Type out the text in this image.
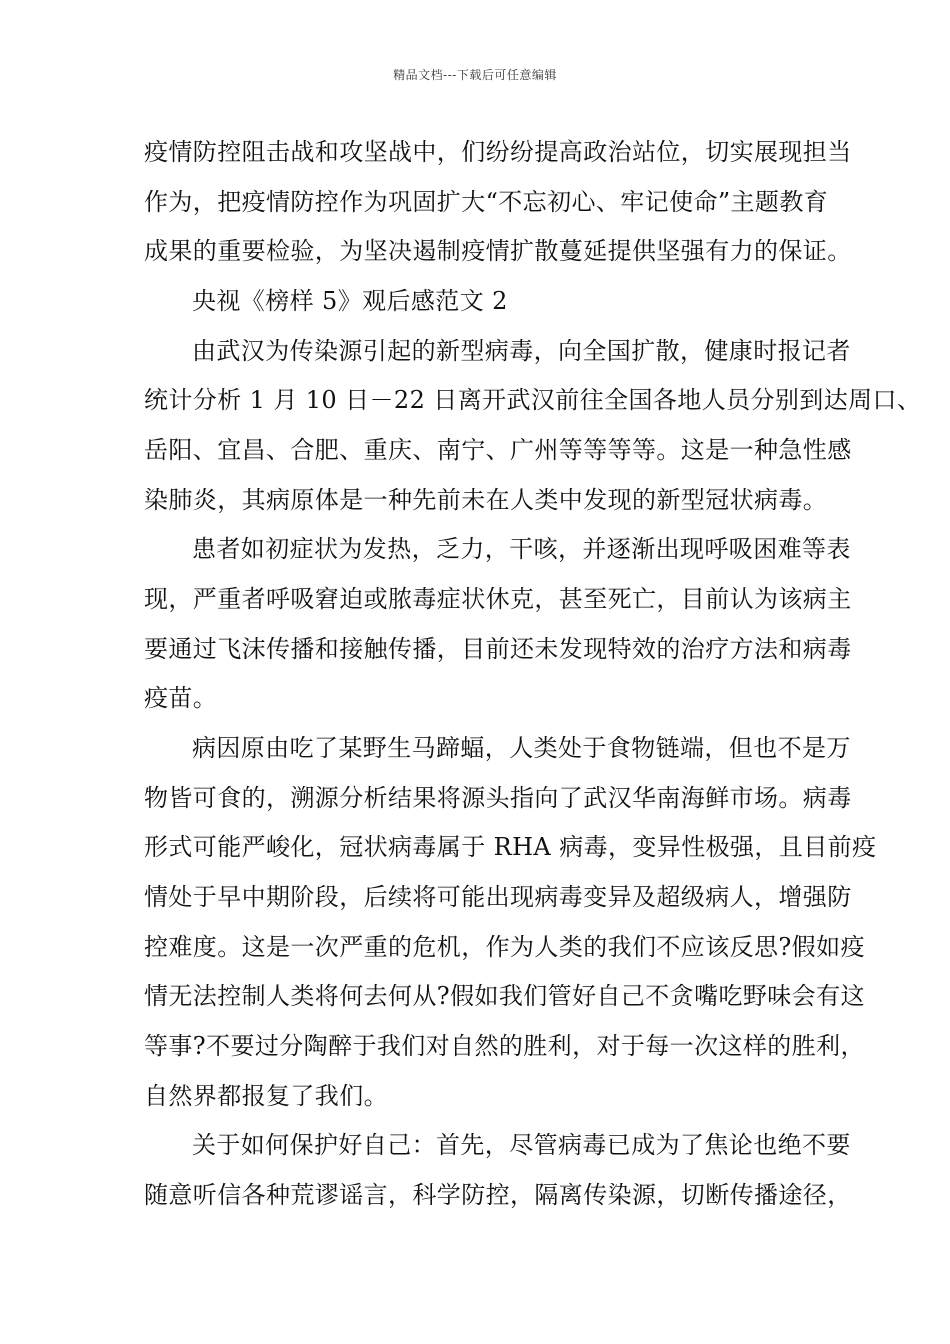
精品文档---下载后可任意编辑
疫情防控阻击战和攻坚战中，们纷纷提高政治站位，切实展现担当
作为，把疫情防控作为巩固扩大“不忘初心、牢记使命”主题教育
成果的重要检验，为坚决遏制疫情扩散蔓延提供坚强有力的保证。
央视《榜样 5》观后感范文 2
由武汉为传染源引起的新型病毒，向全国扩散，健康时报记者
统计分析 1 月 10 日－22 日离开武汉前往全国各地人员分别到达周口、
岳阳、宜昌、合肥、重庆、南宁、广州等等等等。这是一种急性感
染肺炎，其病原体是一种先前未在人类中发现的新型冠状病毒。
患者如初症状为发热，乏力，干咳，并逐渐出现呼吸困难等表
现，严重者呼吸窘迫或脓毒症状休克，甚至死亡，目前认为该病主
要通过飞沫传播和接触传播，目前还未发现特效的治疗方法和病毒
疫苗。
病因原由吃了某野生马蹄蝠，人类处于食物链端，但也不是万
物皆可食的，溯源分析结果将源头指向了武汉华南海鲜市场。病毒
形式可能严峻化，冠状病毒属于 RHA 病毒，变异性极强，且目前疫
情处于早中期阶段，后续将可能出现病毒变异及超级病人，增强防
控难度。这是一次严重的危机，作为人类的我们不应该反思?假如疫
情无法控制人类将何去何从?假如我们管好自己不贪嘴吃野味会有这
等事?不要过分陶醉于我们对自然的胜利，对于每一次这样的胜利，
自然界都报复了我们。
关于如何保护好自己：首先，尽管病毒已成为了焦论也绝不要
随意听信各种荒谬谣言，科学防控，隔离传染源，切断传播途径，
